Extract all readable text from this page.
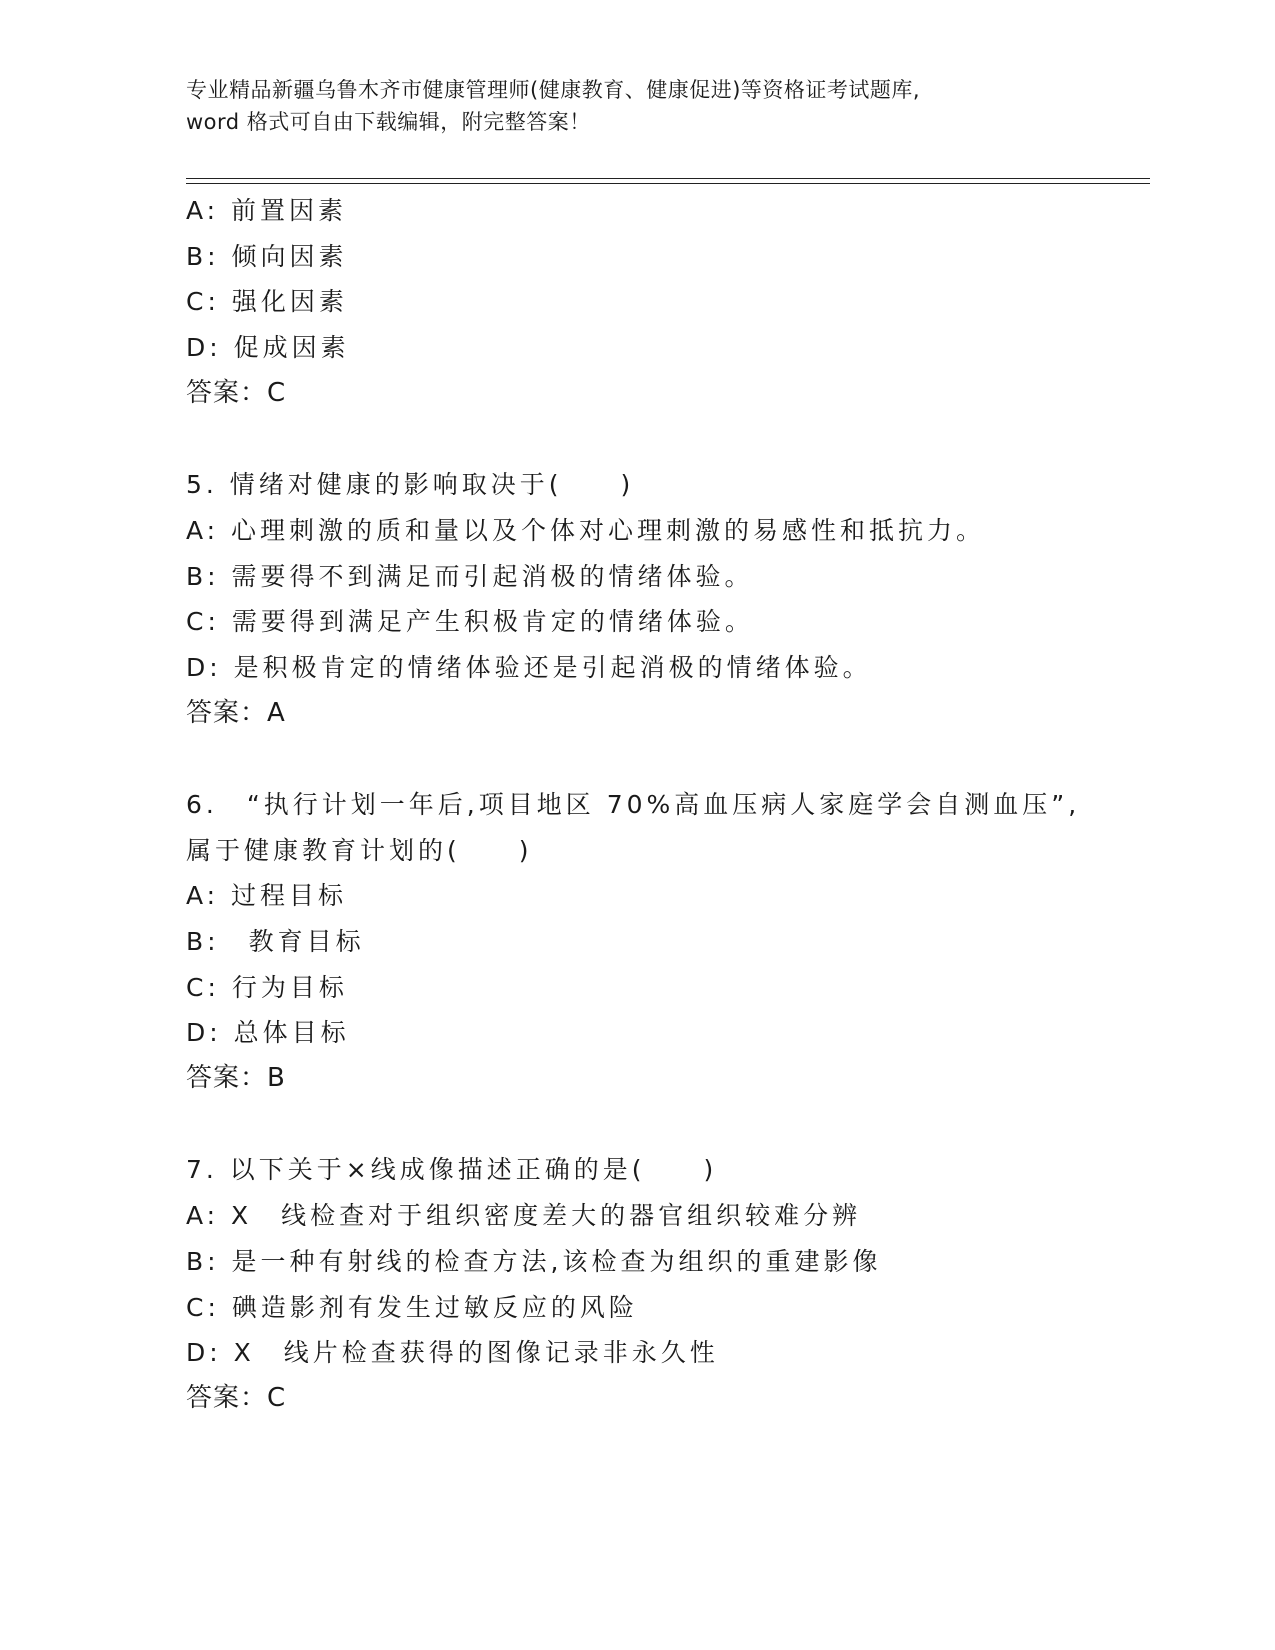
专业精品新疆乌鲁木齐市健康管理师(健康教育、健康促进)等资格证考试题库,
word 格式可自由下载编辑，附完整答案！
A: 前置因素
B: 倾向因素
C: 强化因素
D: 促成因素
答案：C
5. 情绪对健康的影响取决于(　　)
A: 心理刺激的质和量以及个体对心理刺激的易感性和抵抗力。
B: 需要得不到满足而引起消极的情绪体验。
C: 需要得到满足产生积极肯定的情绪体验。
D: 是积极肯定的情绪体验还是引起消极的情绪体验。
答案：A
6.　“执行计划一年后,项目地区 70%高血压病人家庭学会自测血压”,
属于健康教育计划的(　　)
A: 过程目标
B:　教育目标
C: 行为目标
D: 总体目标
答案：B
7. 以下关于×线成像描述正确的是(　　)
A: X　线检查对于组织密度差大的器官组织较难分辨
B: 是一种有射线的检查方法,该检查为组织的重建影像
C: 碘造影剂有发生过敏反应的风险
D: X　线片检查获得的图像记录非永久性
答案：C
